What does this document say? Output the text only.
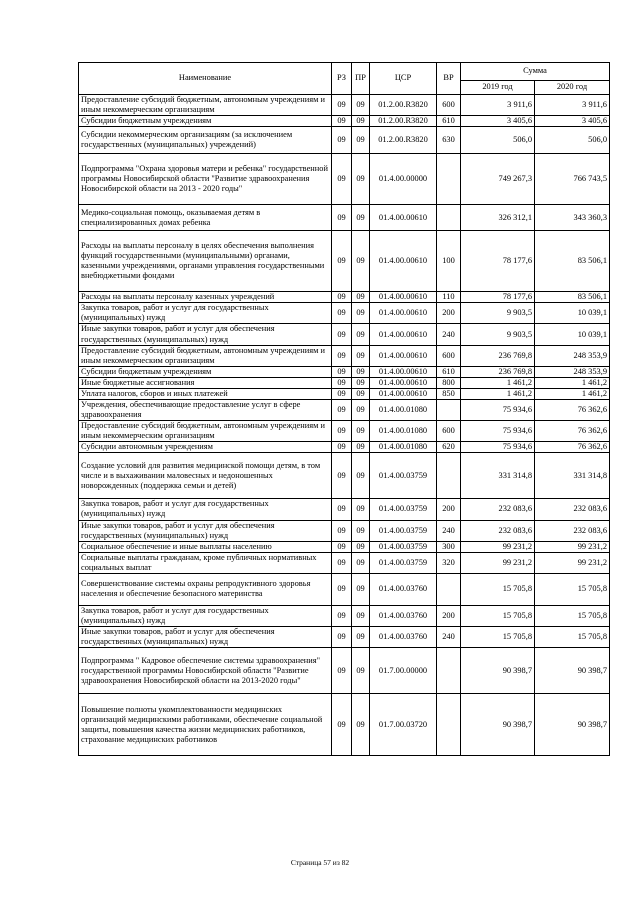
Наименование	РЗ	ПР	ЦСР	ВР	Сумма	
					2019 год	2020 год
Предоставление субсидий бюджетным, автономным учреждениям и иным некоммерческим организациям	09	09	01.2.00.R3820	600	3 911,6	3 911,6
Субсидии бюджетным учреждениям	09	09	01.2.00.R3820	610	3 405,6	3 405,6
Субсидии некоммерческим организациям (за исключением государственных (муниципальных) учреждений)	09	09	01.2.00.R3820	630	506,0	506,0
Подпрограмма "Охрана здоровья матери и ребенка" государственной программы Новосибирской области "Развитие здравоохранения Новосибирской области на 2013 - 2020 годы"	09	09	01.4.00.00000		749 267,3	766 743,5
Медико-социальная помощь, оказываемая детям в специализированных домах ребенка	09	09	01.4.00.00610		326 312,1	343 360,3
Расходы на выплаты персоналу в целях обеспечения выполнения функций государственными (муниципальными) органами, казенными учреждениями, органами управления государственными внебюджетными фондами	09	09	01.4.00.00610	100	78 177,6	83 506,1
Расходы на выплаты персоналу казенных учреждений	09	09	01.4.00.00610	110	78 177,6	83 506,1
Закупка товаров, работ и услуг для государственных (муниципальных) нужд	09	09	01.4.00.00610	200	9 903,5	10 039,1
Иные закупки товаров, работ и услуг для обеспечения государственных (муниципальных) нужд	09	09	01.4.00.00610	240	9 903,5	10 039,1
Предоставление субсидий бюджетным, автономным учреждениям и иным некоммерческим организациям	09	09	01.4.00.00610	600	236 769,8	248 353,9
Субсидии бюджетным учреждениям	09	09	01.4.00.00610	610	236 769,8	248 353,9
Иные бюджетные ассигнования	09	09	01.4.00.00610	800	1 461,2	1 461,2
Уплата налогов, сборов и иных платежей	09	09	01.4.00.00610	850	1 461,2	1 461,2
Учреждения, обеспечивающие предоставление услуг в сфере здравоохранения	09	09	01.4.00.01080		75 934,6	76 362,6
Предоставление субсидий бюджетным, автономным учреждениям и иным некоммерческим организациям	09	09	01.4.00.01080	600	75 934,6	76 362,6
Субсидии автономным учреждениям	09	09	01.4.00.01080	620	75 934,6	76 362,6
Создание условий для развития медицинской помощи детям, в том числе и в выхаживании маловесных и недоношенных новорожденных (поддержка семьи и детей)	09	09	01.4.00.03759		331 314,8	331 314,8
Закупка товаров, работ и услуг для государственных (муниципальных) нужд	09	09	01.4.00.03759	200	232 083,6	232 083,6
Иные закупки товаров, работ и услуг для обеспечения государственных (муниципальных) нужд	09	09	01.4.00.03759	240	232 083,6	232 083,6
Социальное обеспечение и иные выплаты населению	09	09	01.4.00.03759	300	99 231,2	99 231,2
Социальные выплаты гражданам, кроме публичных нормативных социальных выплат	09	09	01.4.00.03759	320	99 231,2	99 231,2
Совершенствование системы охраны репродуктивного здоровья населения и обеспечение безопасного материнства	09	09	01.4.00.03760		15 705,8	15 705,8
Закупка товаров, работ и услуг для государственных (муниципальных) нужд	09	09	01.4.00.03760	200	15 705,8	15 705,8
Иные закупки товаров, работ и услуг для обеспечения государственных (муниципальных) нужд	09	09	01.4.00.03760	240	15 705,8	15 705,8
Подпрограмма " Кадровое обеспечение системы здравоохранения" государственной программы Новосибирской области "Развитие здравоохранения Новосибирской области на 2013-2020 годы"	09	09	01.7.00.00000		90 398,7	90 398,7
Повышение полноты укомплектованности медицинских организаций медицинскими работниками, обеспечение социальной защиты, повышения качества жизни медицинских работников, страхование медицинских работников	09	09	01.7.00.03720		90 398,7	90 398,7
Страница 57 из 82
